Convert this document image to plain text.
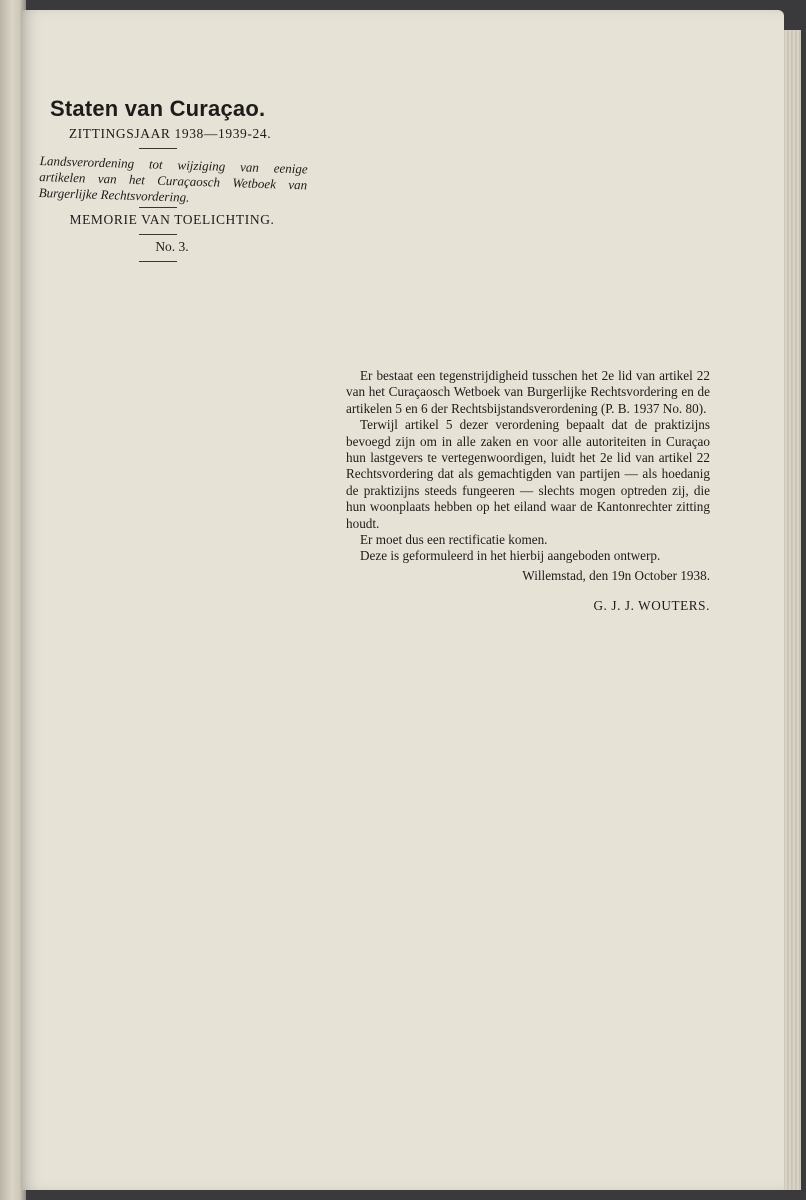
Staten van Curaçao.
ZITTINGSJAAR 1938—1939-24.
Landsverordening tot wijziging van eenige artikelen van het Curaçaosch Wetboek van Burgerlijke Rechtsvordering.
MEMORIE VAN TOELICHTING.
No. 3.

Er bestaat een tegenstrijdigheid tusschen het 2e lid van artikel 22 van het Curaçaosch Wetboek van Burgerlijke Rechtsvordering en de artikelen 5 en 6 der Rechtsbijstandsverordening (P. B. 1937 No. 80).

Terwijl artikel 5 dezer verordening bepaalt dat de praktizijns bevoegd zijn om in alle zaken en voor alle autoriteiten in Curaçao hun lastgevers te vertegenwoordigen, luidt het 2e lid van artikel 22 Rechtsvordering dat als gemachtigden van partijen — als hoedanig de praktizijns steeds fungeeren — slechts mogen optreden zij, die hun woonplaats hebben op het eiland waar de Kantonrechter zitting houdt.

Er moet dus een rectificatie komen.

Deze is geformuleerd in het hierbij aangeboden ontwerp.

Willemstad, den 19n October 1938.
G. J. J. WOUTERS.
